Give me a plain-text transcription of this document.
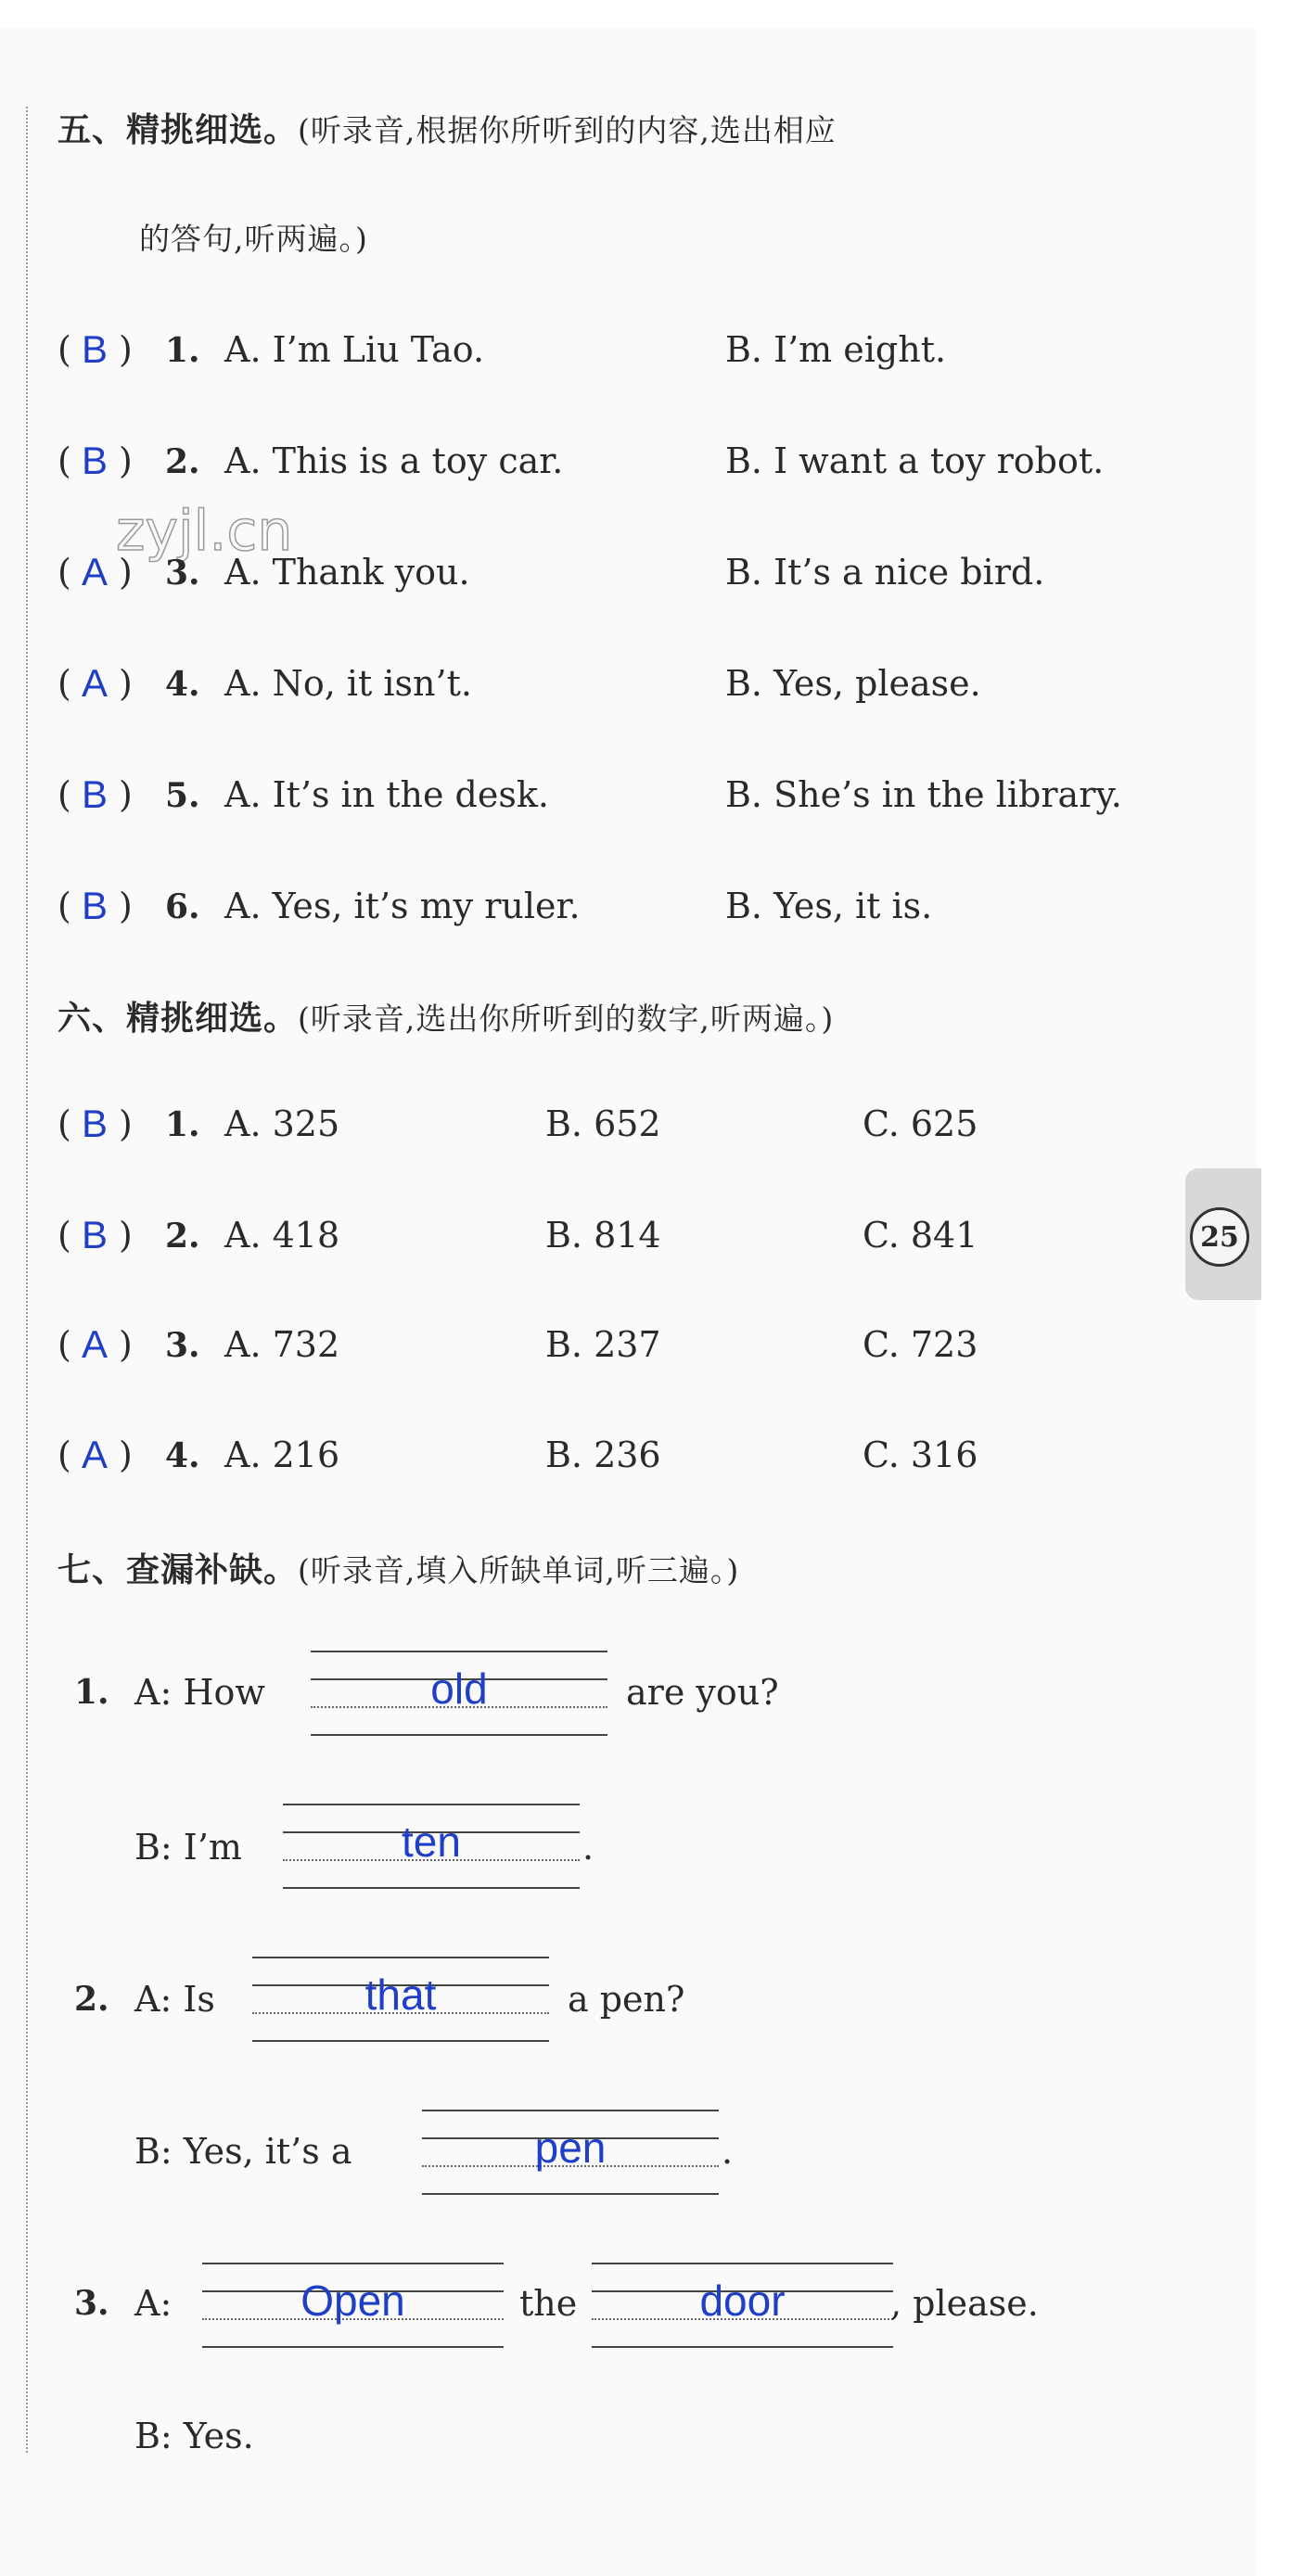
25
五、精挑细选。(听录音,根据你所听到的内容,选出相应
的答句,听两遍。)
zyjl.cn
( B ) 1. A. I’m Liu Tao.	B. I’m eight.
( B ) 2. A. This is a toy car.	B. I want a toy robot.
( A ) 3. A. Thank you.	B. It’s a nice bird.
( A ) 4. A. No, it isn’t.	B. Yes, please.
( B ) 5. A. It’s in the desk.	B. She’s in the library.
( B ) 6. A. Yes, it’s my ruler.	B. Yes, it is.
六、精挑细选。(听录音,选出你所听到的数字,听两遍。)
( B ) 1. A. 325	B. 652	C. 625
( B ) 2. A. 418	B. 814	C. 841
( A ) 3. A. 732	B. 237	C. 723
( A ) 4. A. 216	B. 236	C. 316
七、查漏补缺。(听录音,填入所缺单词,听三遍。)
1. A: How	old	are you?
B: I’m	ten	.
2. A: Is	that	a pen?
B: Yes, it’s a	pen	.
3. A:	Open	the	door	, please.
B: Yes.
